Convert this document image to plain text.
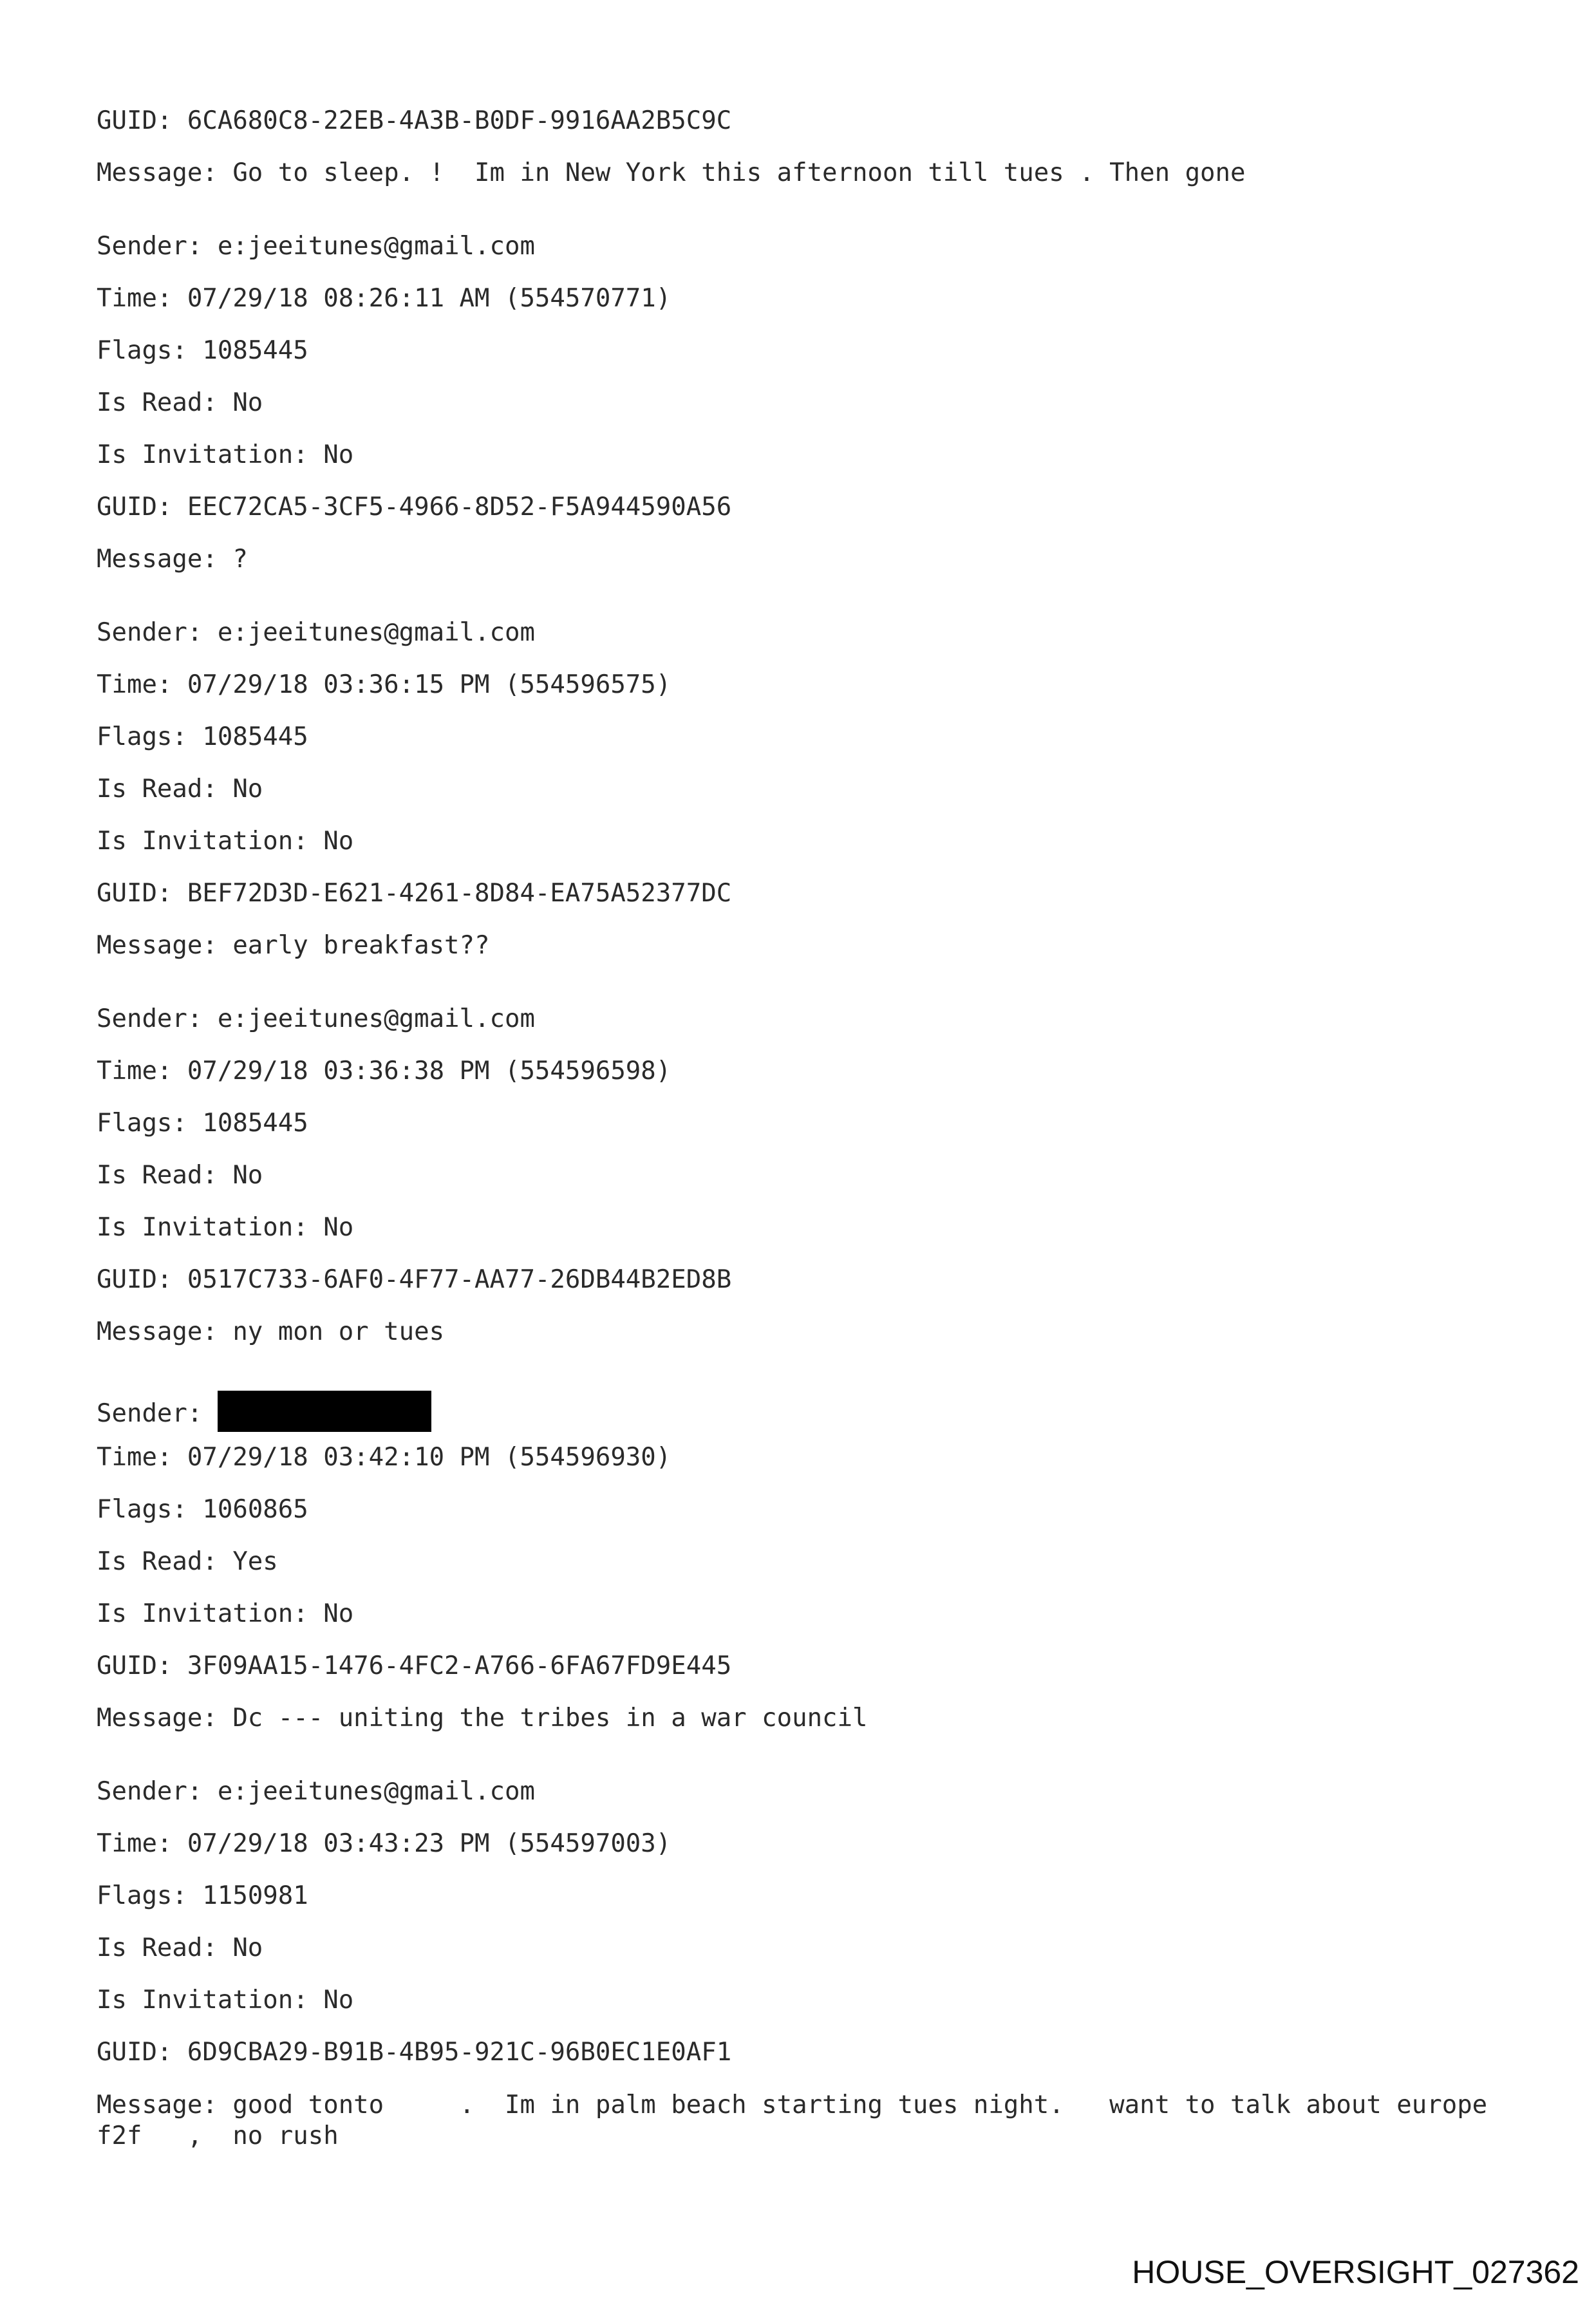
GUID: 6CA680C8-22EB-4A3B-B0DF-9916AA2B5C9C
Message: Go to sleep. !  Im in New York this afternoon till tues . Then gone
Sender: e:jeeitunes@gmail.com
Time: 07/29/18 08:26:11 AM (554570771)
Flags: 1085445
Is Read: No
Is Invitation: No
GUID: EEC72CA5-3CF5-4966-8D52-F5A944590A56
Message: ?
Sender: e:jeeitunes@gmail.com
Time: 07/29/18 03:36:15 PM (554596575)
Flags: 1085445
Is Read: No
Is Invitation: No
GUID: BEF72D3D-E621-4261-8D84-EA75A52377DC
Message: early breakfast??
Sender: e:jeeitunes@gmail.com
Time: 07/29/18 03:36:38 PM (554596598)
Flags: 1085445
Is Read: No
Is Invitation: No
GUID: 0517C733-6AF0-4F77-AA77-26DB44B2ED8B
Message: ny mon or tues
Sender:
Time: 07/29/18 03:42:10 PM (554596930)
Flags: 1060865
Is Read: Yes
Is Invitation: No
GUID: 3F09AA15-1476-4FC2-A766-6FA67FD9E445
Message: Dc --- uniting the tribes in a war council
Sender: e:jeeitunes@gmail.com
Time: 07/29/18 03:43:23 PM (554597003)
Flags: 1150981
Is Read: No
Is Invitation: No
GUID: 6D9CBA29-B91B-4B95-921C-96B0EC1E0AF1
Message: good tonto     .  Im in palm beach starting tues night.   want to talk about europe f2f   ,  no rush
HOUSE_OVERSIGHT_027362
